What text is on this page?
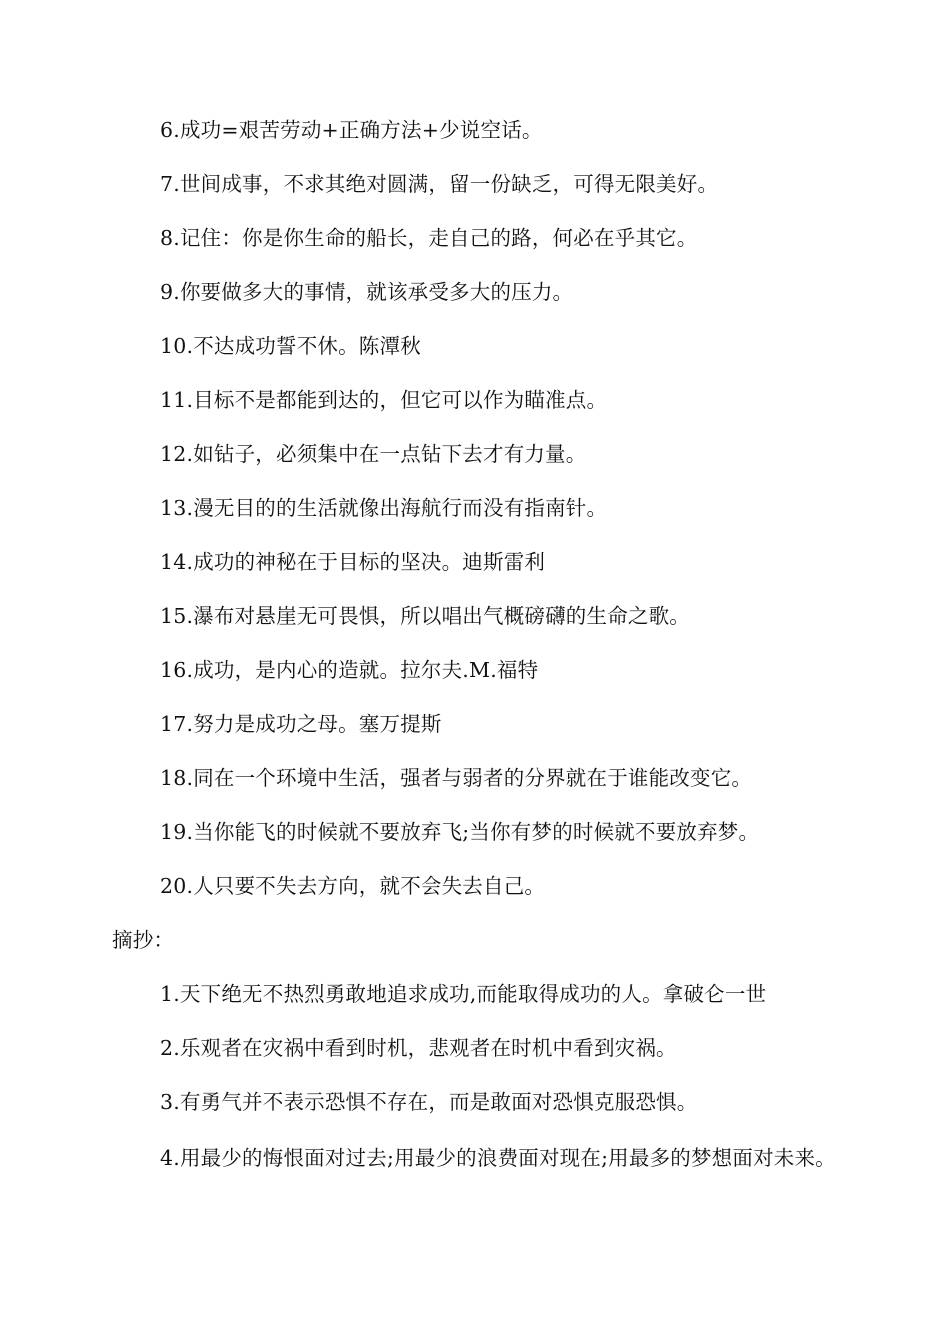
6.成功=艰苦劳动+正确方法+少说空话。
7.世间成事，不求其绝对圆满，留一份缺乏，可得无限美好。
8.记住：你是你生命的船长，走自己的路，何必在乎其它。
9.你要做多大的事情，就该承受多大的压力。
10.不达成功誓不休。陈潭秋
11.目标不是都能到达的，但它可以作为瞄准点。
12.如钻子，必须集中在一点钻下去才有力量。
13.漫无目的的生活就像出海航行而没有指南针。
14.成功的神秘在于目标的坚决。迪斯雷利
15.瀑布对悬崖无可畏惧，所以唱出气概磅礴的生命之歌。
16.成功，是内心的造就。拉尔夫.M.福特
17.努力是成功之母。塞万提斯
18.同在一个环境中生活，强者与弱者的分界就在于谁能改变它。
19.当你能飞的时候就不要放弃飞;当你有梦的时候就不要放弃梦。
20.人只要不失去方向，就不会失去自己。
摘抄：
1.天下绝无不热烈勇敢地追求成功,而能取得成功的人。拿破仑一世
2.乐观者在灾祸中看到时机，悲观者在时机中看到灾祸。
3.有勇气并不表示恐惧不存在，而是敢面对恐惧克服恐惧。
4.用最少的悔恨面对过去;用最少的浪费面对现在;用最多的梦想面对未来。
